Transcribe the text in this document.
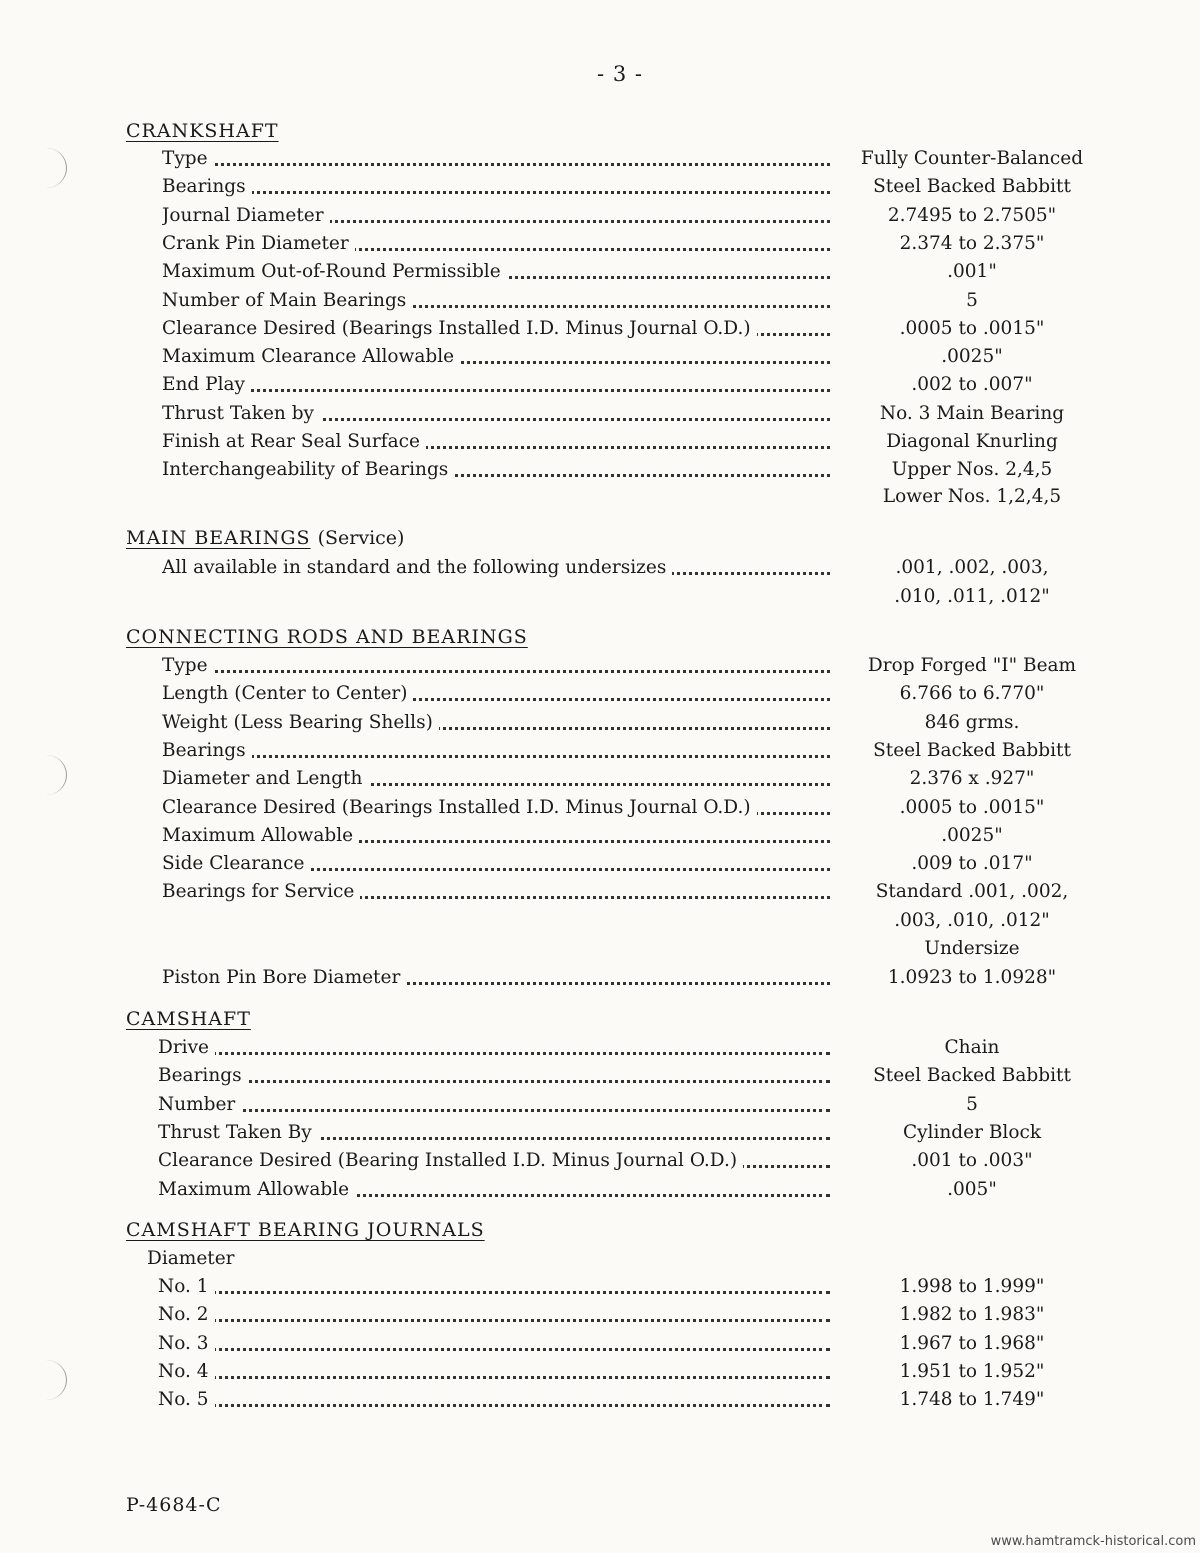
- 3 -
CRANKSHAFT
Type	Fully Counter-Balanced
Bearings	Steel Backed Babbitt
Journal Diameter	2.7495 to 2.7505"
Crank Pin Diameter	2.374 to 2.375"
Maximum Out-of-Round Permissible	.001"
Number of Main Bearings	5
Clearance Desired (Bearings Installed I.D. Minus Journal O.D.)	.0005 to .0015"
Maximum Clearance Allowable	.0025"
End Play	.002 to .007"
Thrust Taken by	No. 3 Main Bearing
Finish at Rear Seal Surface	Diagonal Knurling
Interchangeability of Bearings	Upper Nos. 2,4,5
Lower Nos. 1,2,4,5
MAIN BEARINGS (Service)
All available in standard and the following undersizes	.001, .002, .003,
.010, .011, .012"
CONNECTING RODS AND BEARINGS
Type	Drop Forged "I" Beam
Length (Center to Center)	6.766 to 6.770"
Weight (Less Bearing Shells)	846 grms.
Bearings	Steel Backed Babbitt
Diameter and Length	2.376 x .927"
Clearance Desired (Bearings Installed I.D. Minus Journal O.D.)	.0005 to .0015"
Maximum Allowable	.0025"
Side Clearance	.009 to .017"
Bearings for Service	Standard .001, .002,
.003, .010, .012"
Undersize
Piston Pin Bore Diameter	1.0923 to 1.0928"
CAMSHAFT
Drive	Chain
Bearings	Steel Backed Babbitt
Number	5
Thrust Taken By	Cylinder Block
Clearance Desired (Bearing Installed I.D. Minus Journal O.D.)	.001 to .003"
Maximum Allowable	.005"
CAMSHAFT BEARING JOURNALS
Diameter
No. 1	1.998 to 1.999"
No. 2	1.982 to 1.983"
No. 3	1.967 to 1.968"
No. 4	1.951 to 1.952"
No. 5	1.748 to 1.749"
P-4684-C
www.hamtramck-historical.com
